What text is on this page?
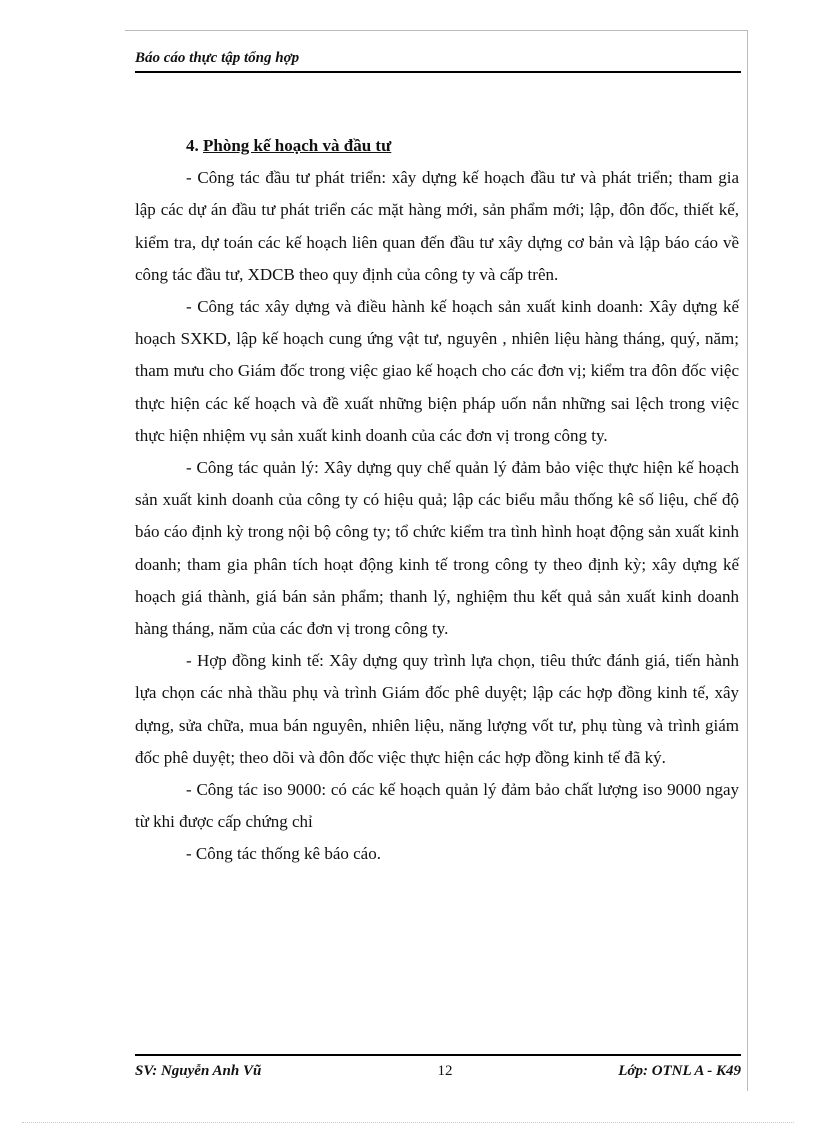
Báo cáo thực tập tổng hợp

4. Phòng kế hoạch và đầu tư

- Công tác đầu tư phát triển: xây dựng kế hoạch đầu tư và phát triển; tham gia lập các dự án đầu tư phát triển các mặt hàng mới, sản phẩm mới; lập, đôn đốc, thiết kế, kiểm tra, dự toán các kế hoạch liên quan đến đầu tư xây dựng cơ bản và lập báo cáo về công tác đầu tư, XDCB theo quy định của công ty và cấp trên.

- Công tác xây dựng và điều hành kế hoạch sản xuất kinh doanh: Xây dựng kế hoạch SXKD, lập kế hoạch cung ứng vật tư, nguyên , nhiên liệu hàng tháng, quý, năm; tham mưu cho Giám đốc trong việc giao kế hoạch cho các đơn vị; kiểm tra đôn đốc việc thực hiện các kế hoạch và đề xuất những biện pháp uốn nắn những sai lệch trong việc thực hiện nhiệm vụ sản xuất kinh doanh của các đơn vị trong công ty.

- Công tác quản lý: Xây dựng quy chế quản lý đảm bảo việc thực hiện kế hoạch sản xuất kinh doanh của công ty có hiệu quả; lập các biểu mẫu thống kê số liệu, chế độ báo cáo định kỳ trong nội bộ công ty; tổ chức kiểm tra tình hình hoạt động sản xuất kinh doanh; tham gia phân tích hoạt động kinh tế trong công ty theo định kỳ; xây dựng kế hoạch giá thành, giá bán sản phẩm; thanh lý, nghiệm thu kết quả sản xuất kinh doanh hàng tháng, năm của các đơn vị trong công ty.

- Hợp đồng kinh tế: Xây dựng quy trình lựa chọn, tiêu thức đánh giá, tiến hành lựa chọn các nhà thầu phụ và trình Giám đốc phê duyệt; lập các hợp đồng kinh tế, xây dựng, sửa chữa, mua bán nguyên, nhiên liệu, năng lượng vốt tư, phụ tùng và trình giám đốc phê duyệt; theo dõi và đôn đốc việc thực hiện các hợp đồng kinh tế đã ký.

- Công tác iso 9000: có các kế hoạch quản lý đảm bảo chất lượng iso 9000 ngay từ khi được cấp chứng chỉ

- Công tác thống kê báo cáo.

SV: Nguyễn Anh Vũ	12	Lớp: OTNL A - K49
